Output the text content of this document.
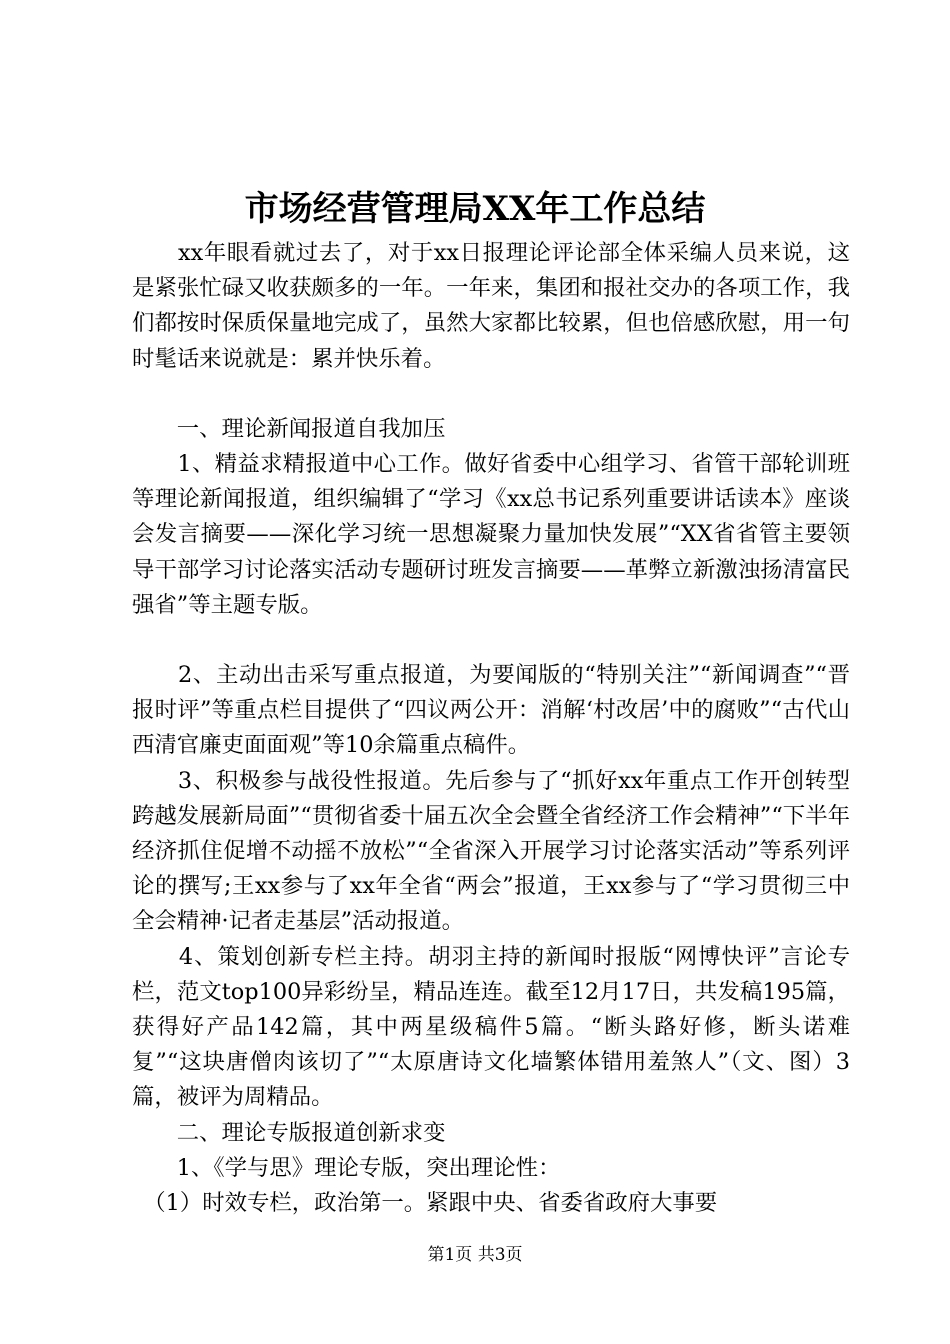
市场经营管理局XX年工作总结

　　xx年眼看就过去了，对于xx日报理论评论部全体采编人员来说，这是紧张忙碌又收获颇多的一年。一年来，集团和报社交办的各项工作，我们都按时保质保量地完成了，虽然大家都比较累，但也倍感欣慰，用一句时髦话来说就是：累并快乐着。

　　一、理论新闻报道自我加压

　　1、精益求精报道中心工作。做好省委中心组学习、省管干部轮训班等理论新闻报道，组织编辑了“学习《xx总书记系列重要讲话读本》座谈会发言摘要——深化学习统一思想凝聚力量加快发展”“XX省省管主要领导干部学习讨论落实活动专题研讨班发言摘要——革弊立新激浊扬清富民强省”等主题专版。

　　2、主动出击采写重点报道，为要闻版的“特别关注”“新闻调查”“晋报时评”等重点栏目提供了“四议两公开：消解‘村改居’中的腐败”“古代山西清官廉吏面面观”等10余篇重点稿件。

　　3、积极参与战役性报道。先后参与了“抓好xx年重点工作开创转型跨越发展新局面”“贯彻省委十届五次全会暨全省经济工作会精神”“下半年经济抓住促增不动摇不放松”“全省深入开展学习讨论落实活动”等系列评论的撰写;王xx参与了xx年全省“两会”报道，王xx参与了“学习贯彻三中全会精神·记者走基层”活动报道。

　　4、策划创新专栏主持。胡羽主持的新闻时报版“网博快评”言论专栏，范文top100异彩纷呈，精品连连。截至12月17日，共发稿195篇，获得好产品142篇，其中两星级稿件5篇。“断头路好修，断头诺难复”“这块唐僧肉该切了”“太原唐诗文化墙繁体错用羞煞人”（文、图）3篇，被评为周精品。

　　二、理论专版报道创新求变

　　1、《学与思》理论专版，突出理论性：

　（1）时效专栏，政治第一。紧跟中央、省委省政府大事要

第1页 共3页
